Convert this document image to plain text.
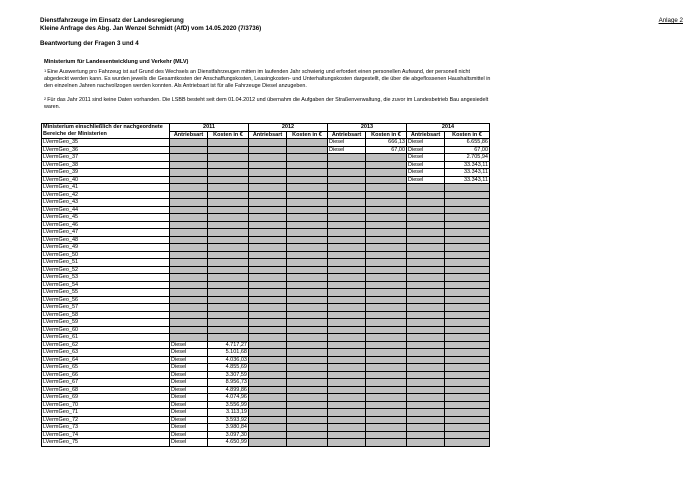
Dienstfahrzeuge im Einsatz der Landesregierung
Kleine Anfrage des Abg. Jan Wenzel Schmidt (AfD) vom 14.05.2020 (7/3736)
Beantwortung der Fragen 3 und 4
Anlage 2
Ministerium für Landesentwicklung und Verkehr (MLV)
$^1$Eine Auswertung pro Fahrzeug ist auf Grund des Wechsels an Dienstfahrzeugen mitten im laufenden Jahr schwierig und erfordert einen personellen Aufwand, der personell nicht abgedeckt werden kann. Es wurden jeweils die Gesamtkosten der Anschaffungskosten, Leasingkosten- und Unterhaltungskosten dargestellt, die über die abgeflossenen Haushaltsmittel in den einzelnen Jahren nachvollzogen werden konnten. Als Antriebsart ist für alle Fahrzeuge Diesel anzugeben.
$^2$Für das Jahr 2011 sind keine Daten vorhanden. Die LSBB besteht seit dem 01.04.2012 und übernahm die Aufgaben der Straßenverwaltung, die zuvor im Landesbetrieb Bau angesiedelt waren.
Ministerium einschließlich der nachgeordnete Bereiche der Ministerien	2011		2012		2013		2014		
	Antriebsart	Kosten in €	Antriebsart	Kosten in €	Antriebsart	Kosten in €	Antriebsart	Kosten in €	
LVermGeo_35					Diesel	666,13	Diesel	6.655,86		
LVermGeo_36					Diesel	67,00	Diesel	67,00		
LVermGeo_37							Diesel	2.705,94		
LVermGeo_38							Diesel	33.343,11		
LVermGeo_39							Diesel	33.343,11		
LVermGeo_40							Diesel	33.343,11		
LVermGeo_41										
LVermGeo_42										
LVermGeo_43										
LVermGeo_44										
LVermGeo_45										
LVermGeo_46										
LVermGeo_47										
LVermGeo_48										
LVermGeo_49										
LVermGeo_50										
LVermGeo_51										
LVermGeo_52										
LVermGeo_53										
LVermGeo_54										
LVermGeo_55										
LVermGeo_56										
LVermGeo_57										
LVermGeo_58										
LVermGeo_59										
LVermGeo_60										
LVermGeo_61										
LVermGeo_62	Diesel	4.717,27								
LVermGeo_63	Diesel	5.101,68								
LVermGeo_64	Diesel	4.036,03								
LVermGeo_65	Diesel	4.855,69								
LVermGeo_66	Diesel	3.307,59								
LVermGeo_67	Diesel	8.956,73								
LVermGeo_68	Diesel	4.899,86								
LVermGeo_69	Diesel	4.074,96								
LVermGeo_70	Diesel	3.556,99								
LVermGeo_71	Diesel	3.113,19								
LVermGeo_72	Diesel	3.593,92								
LVermGeo_73	Diesel	3.980,84								
LVermGeo_74	Diesel	3.097,30								
LVermGeo_75	Diesel	4.650,99								
